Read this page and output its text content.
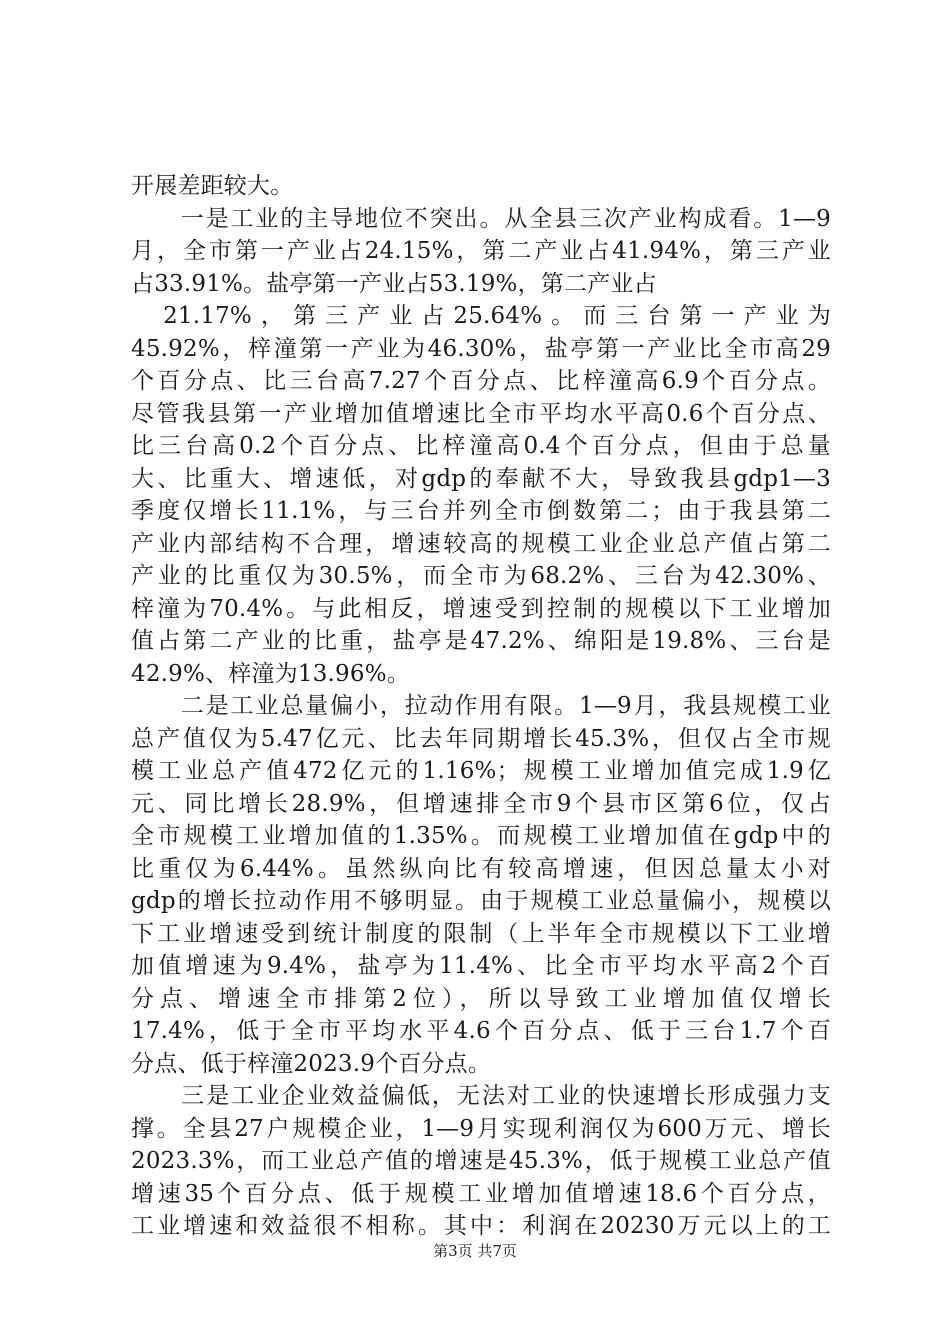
开展差距较大。
　　一是工业的主导地位不突出。从全县三次产业构成看。1—9
月，全市第一产业占24.15%，第二产业占41.94%，第三产业
占33.91%。盐亭第一产业占53.19%，第二产业占
　21.17%，第三产业占25.64%。而三台第一产业为
45.92%，梓潼第一产业为46.30%，盐亭第一产业比全市高29
个百分点、比三台高7.27个百分点、比梓潼高6.9个百分点。
尽管我县第一产业增加值增速比全市平均水平高0.6个百分点、
比三台高0.2个百分点、比梓潼高0.4个百分点，但由于总量
大、比重大、增速低，对gdp的奉献不大，导致我县gdp1—3
季度仅增长11.1%，与三台并列全市倒数第二；由于我县第二
产业内部结构不合理，增速较高的规模工业企业总产值占第二
产业的比重仅为30.5%，而全市为68.2%、三台为42.30%、
梓潼为70.4%。与此相反，增速受到控制的规模以下工业增加
值占第二产业的比重，盐亭是47.2%、绵阳是19.8%、三台是
42.9%、梓潼为13.96%。
　　二是工业总量偏小，拉动作用有限。1—9月，我县规模工业
总产值仅为5.47亿元、比去年同期增长45.3%，但仅占全市规
模工业总产值472亿元的1.16%；规模工业增加值完成1.9亿
元、同比增长28.9%，但增速排全市9个县市区第6位，仅占
全市规模工业增加值的1.35%。而规模工业增加值在gdp中的
比重仅为6.44%。虽然纵向比有较高增速，但因总量太小对
gdp的增长拉动作用不够明显。由于规模工业总量偏小，规模以
下工业增速受到统计制度的限制（上半年全市规模以下工业增
加值增速为9.4%，盐亭为11.4%、比全市平均水平高2个百
分点、增速全市排第2位），所以导致工业增加值仅增长
17.4%，低于全市平均水平4.6个百分点、低于三台1.7个百
分点、低于梓潼2023.9个百分点。
　　三是工业企业效益偏低，无法对工业的快速增长形成强力支
撑。全县27户规模企业，1—9月实现利润仅为600万元、增长
2023.3%，而工业总产值的增速是45.3%，低于规模工业总产值
增速35个百分点、低于规模工业增加值增速18.6个百分点，
工业增速和效益很不相称。其中：利润在20230万元以上的工
第3页 共7页
